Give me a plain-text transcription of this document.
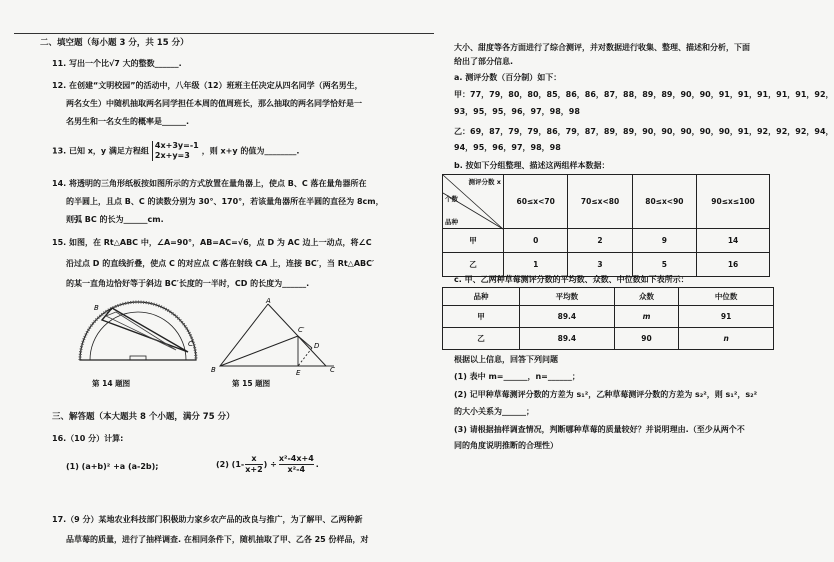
二、填空题（每小题 3 分，共 15 分）
11. 写出一个比√7 大的整数______.
12. 在创建“文明校园”的活动中，八年级（12）班班主任决定从四名同学（两名男生，
两名女生）中随机抽取两名同学担任本周的值周班长，那么抽取的两名同学恰好是一
名男生和一名女生的概率是______.
13. 已知 x，y 满足方程组
4x+3y=-1
2x+y=3	，则 x+y 的值为________.
14. 将透明的三角形纸板按如图所示的方式放置在量角器上，使点 B、C 落在量角器所在
的半圆上，且点 B、C 的读数分别为 30°、170°，若该量角器所在半圆的直径为 8cm，
则弧 BC 的长为______cm.
15. 如图，在 Rt△ABC 中，∠A=90°，AB=AC=√6，点 D 为 AC 边上一动点，将∠C
沿过点 D 的直线折叠，使点 C 的对应点 C′落在射线 CA 上，连接 BC′，当 Rt△ABC′
的某一直角边恰好等于斜边 BC′长度的一半时，CD 的长度为______.
B
C
第 14 题图
A
B	C
C′
D
E
第 15 题图
三、解答题（本大题共 8 个小题，满分 75 分）
16.（10 分）计算:
(1) (a+b)² +a (a-2b);	(2) ($1- \frac{x}{x+2}$ ) ÷ $\frac{\text{x²-4x+4}}{\text{x²-4}}$ .
17.（9 分）某地农业科技部门积极助力家乡农产品的改良与推广，为了解甲、乙两种新
品草莓的质量，进行了抽样调查. 在相同条件下，随机抽取了甲、乙各 25 份样品，对
大小、甜度等各方面进行了综合测评，并对数据进行收集、整理、描述和分析，下面
给出了部分信息.
a. 测评分数（百分制）如下：
甲：77，79，80，80，85，86，86，87，88，89，89，90，90，91，91，91，91，91，92，
93，95，95，96，97，98，98
乙：69，87，79，79，86，79，87，89，89，90，90，90，90，90，91，92，92，92，94，
94，95，96，97，98，98
b. 按如下分组整理、描述这两组样本数据：
测评分数 x
个数
品种	60≤x<70	70≤x<80	80≤x<90	90≤x≤100
甲	0	2	9	14
乙	1	3	5	16
c. 甲、乙两种草莓测评分数的平均数、众数、中位数如下表所示：
品种	平均数	众数	中位数
甲	89.4	m	91
乙	89.4	90	n
根据以上信息，回答下列问题
(1) 表中 m=______，n=______；
(2) 记甲种草莓测评分数的方差为 s₁²，乙种草莓测评分数的方差为 s₂²，则 s₁²，s₂²
的大小关系为______；
(3) 请根据抽样调查情况，判断哪种草莓的质量较好？并说明理由.（至少从两个不
同的角度说明推断的合理性）
